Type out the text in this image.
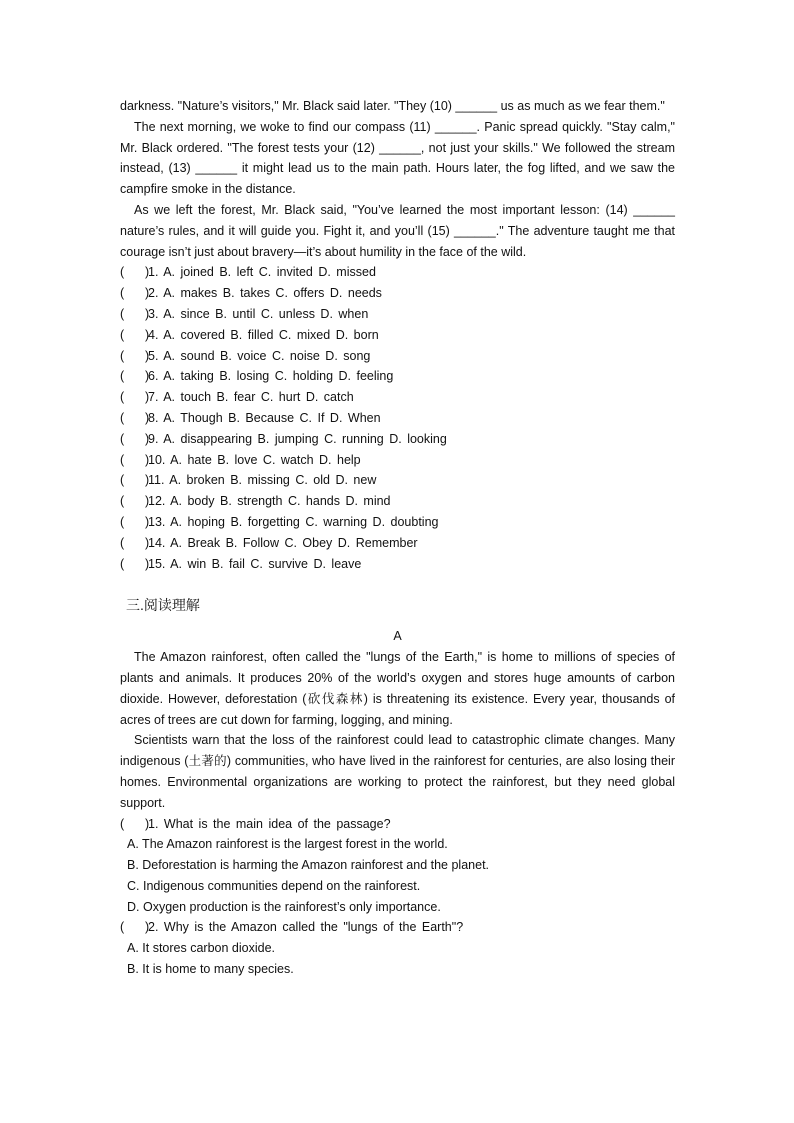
darkness. "Nature’s visitors," Mr. Black said later. "They (10) ______ us as much as we fear them."

The next morning, we woke to find our compass (11) ______. Panic spread quickly. "Stay calm," Mr. Black ordered. "The forest tests your (12) ______, not just your skills." We followed the stream instead, (13) ______ it might lead us to the main path. Hours later, the fog lifted, and we saw the campfire smoke in the distance.

As we left the forest, Mr. Black said, "You’ve learned the most important lesson: (14) ______ nature’s rules, and it will guide you. Fight it, and you’ll (15) ______." The adventure taught me that courage isn’t just about bravery—it’s about humility in the face of the wild.

(      )
1. A. joined B. left C. invited D. missed
(      )
2. A. makes B. takes C. offers D. needs
(      )
3. A. since B. until C. unless D. when
(      )
4. A. covered B. filled C. mixed D. born
(      )
5. A. sound B. voice C. noise D. song
(      )
6. A. taking B. losing C. holding D. feeling
(      )
7. A. touch B. fear C. hurt D. catch
(      )
8. A. Though B. Because C. If D. When
(      )
9. A. disappearing B. jumping C. running D. looking
(      )
10. A. hate B. love C. watch D. help
(      )
11. A. broken B. missing C. old D. new
(      )
12. A. body B. strength C. hands D. mind
(      )
13. A. hoping B. forgetting C. warning D. doubting
(      )
14. A. Break B. Follow C. Obey D. Remember
(      )
15. A. win B. fail C. survive D. leave
三.阅读理解
A

The Amazon rainforest, often called the "lungs of the Earth," is home to millions of species of plants and animals. It produces 20% of the world’s oxygen and stores huge amounts of carbon dioxide. However, deforestation (砍伐森林) is threatening its existence. Every year, thousands of acres of trees are cut down for farming, logging, and mining.

Scientists warn that the loss of the rainforest could lead to catastrophic climate changes. Many indigenous (土著的) communities, who have lived in the rainforest for centuries, are also losing their homes. Environmental organizations are working to protect the rainforest, but they need global support.

(      )
1. What is the main idea of the passage?
A. The Amazon rainforest is the largest forest in the world.
B. Deforestation is harming the Amazon rainforest and the planet.
C. Indigenous communities depend on the rainforest.
D. Oxygen production is the rainforest’s only importance.
(      )
2. Why is the Amazon called the "lungs of the Earth"?
A. It stores carbon dioxide.
B. It is home to many species.
